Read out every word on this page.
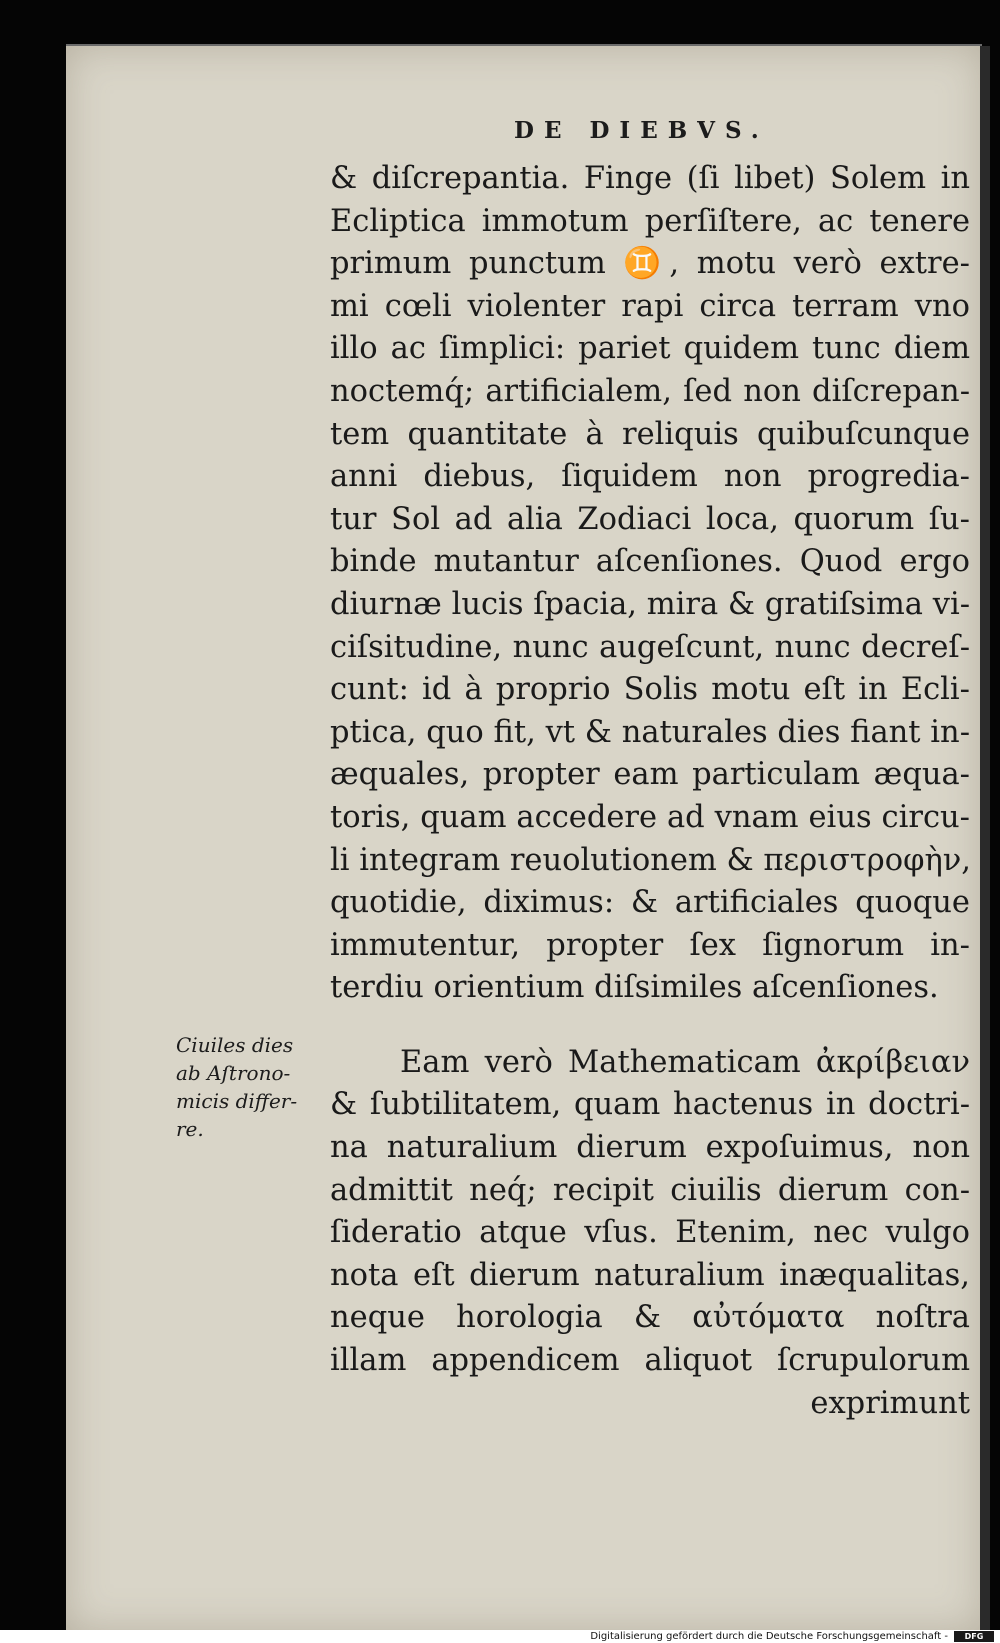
DE DIEBVS.
& diſcrepantia. Finge (ſi libet) Solem in
Ecliptica immotum perſiſtere, ac tenere
primum punctum ♊, motu verò extre-
mi cœli violenter rapi circa terram vno
illo ac ſimplici: pariet quidem tunc diem
noctemq́; artificialem, ſed non diſcrepan-
tem quantitate à reliquis quibuſcunque
anni diebus, ſiquidem non progredia-
tur Sol ad alia Zodiaci loca, quorum ſu-
binde mutantur aſcenſiones. Quod ergo
diurnæ lucis ſpacia, mira & gratiſsima vi-
ciſsitudine, nunc augeſcunt, nunc decreſ-
cunt: id à proprio Solis motu eſt in Ecli-
ptica, quo fit, vt & naturales dies fiant in-
æquales, propter eam particulam æqua-
toris, quam accedere ad vnam eius circu-
li integram reuolutionem & περιστροφὴν,
quotidie, diximus: & artificiales quoque
immutentur, propter ſex ſignorum in-
terdiu orientium diſsimiles aſcenſiones.
Eam verò Mathematicam ἀκρίβειαν
& ſubtilitatem, quam hactenus in doctri-
na naturalium dierum expoſuimus, non
admittit neq́; recipit ciuilis dierum con-
ſideratio atque vſus. Etenim, nec vulgo
nota eſt dierum naturalium inæqualitas,
neque horologia & αὐτόματα noſtra
illam appendicem aliquot ſcrupulorum
exprimunt
Ciuiles dies
ab Aſtrono-
micis differ-
re.
Digitalisierung gefördert durch die Deutsche Forschungsgemeinschaft -	DFG
